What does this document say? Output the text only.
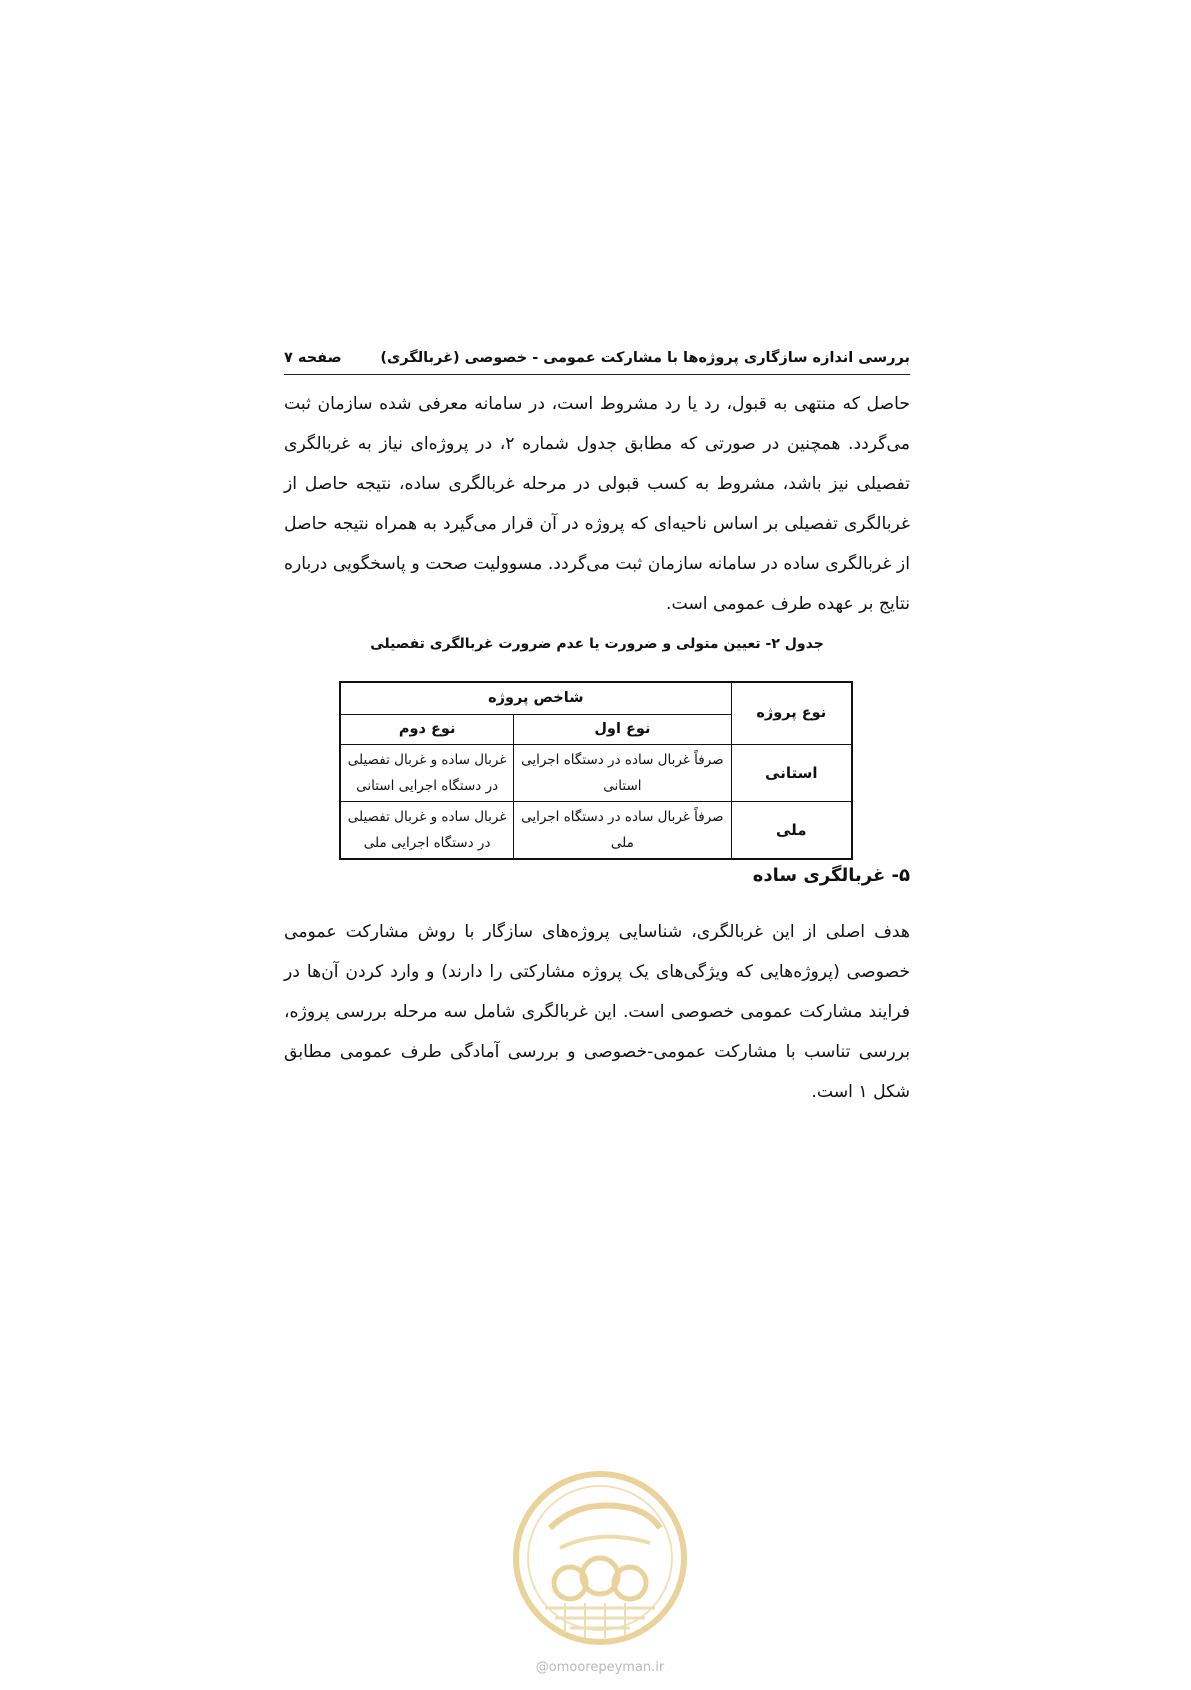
بررسی اندازه سازگاری پروژه‌ها با مشارکت عمومی - خصوصی (غربالگری)
صفحه ۷

حاصل که منتهی به قبول، رد یا رد مشروط است، در سامانه معرفی شده سازمان ثبت می‌گردد. همچنین در صورتی که مطابق جدول شماره ۲، در پروژه‌ای نیاز به غربالگری تفصیلی نیز باشد، مشروط به کسب قبولی در مرحله غربالگری ساده، نتیجه حاصل از غربالگری تفصیلی بر اساس ناحیه‌ای که پروژه در آن قرار می‌گیرد به همراه نتیجه حاصل از غربالگری ساده در سامانه سازمان ثبت می‌گردد. مسوولیت صحت و پاسخگویی درباره نتایج بر عهده طرف عمومی است.

جدول ۲- تعیین متولی و ضرورت یا عدم ضرورت غربالگری تفصیلی
نوع پروژه	شاخص پروژه	
	نوع اول	نوع دوم
استانی	صرفاً غربال ساده در دستگاه اجرایی استانی	غربال ساده و غربال تفصیلی در دستگاه اجرایی استانی
ملی	صرفاً غربال ساده در دستگاه اجرایی ملی	غربال ساده و غربال تفصیلی در دستگاه اجرایی ملی
۵- غربالگری ساده

هدف اصلی از این غربالگری، شناسایی پروژه‌های سازگار با روش مشارکت عمومی خصوصی (پروژه‌هایی که ویژگی‌های یک پروژه مشارکتی را دارند) و وارد کردن آن‌ها در فرایند مشارکت عمومی خصوصی است. این غربالگری شامل سه مرحله بررسی پروژه، بررسی تناسب با مشارکت عمومی-خصوصی و بررسی آمادگی طرف عمومی مطابق شکل ۱ است.

@omoorepeyman.ir
